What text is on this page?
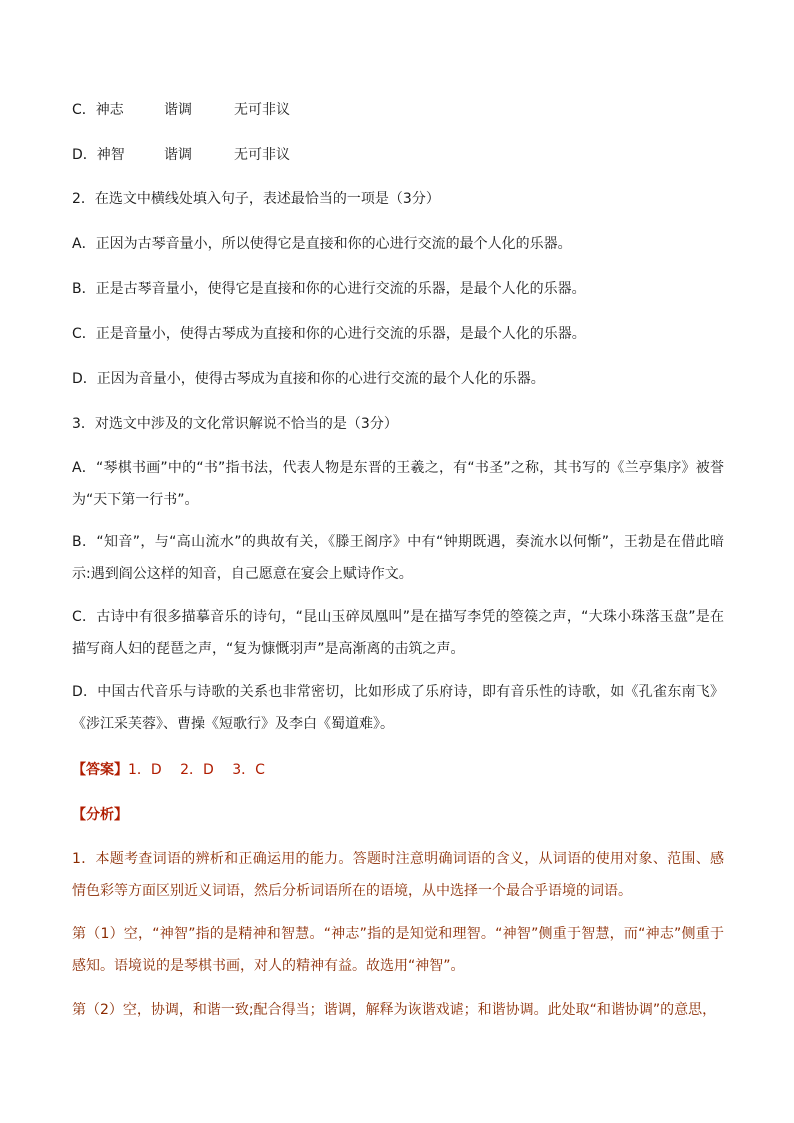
C．神志	谐调	无可非议
D．神智	谐调	无可非议
2．在选文中横线处填入句子，表述最恰当的一项是（3分）
A．正因为古琴音量小，所以使得它是直接和你的心进行交流的最个人化的乐器。
B．正是古琴音量小，使得它是直接和你的心进行交流的乐器，是最个人化的乐器。
C．正是音量小，使得古琴成为直接和你的心进行交流的乐器，是最个人化的乐器。
D．正因为音量小，使得古琴成为直接和你的心进行交流的最个人化的乐器。
3．对选文中涉及的文化常识解说不恰当的是（3分）
A．“琴棋书画”中的“书”指书法，代表人物是东晋的王羲之，有“书圣”之称，其书写的《兰亭集序》被誉为“天下第一行书”。
B．“知音”，与“高山流水”的典故有关，《滕王阁序》中有“钟期既遇，奏流水以何惭”，王勃是在借此暗示:遇到阎公这样的知音，自己愿意在宴会上赋诗作文。
C．古诗中有很多描摹音乐的诗句，“昆山玉碎凤凰叫”是在描写李凭的箜篌之声，“大珠小珠落玉盘”是在描写商人妇的琵琶之声，“复为慷慨羽声”是高渐离的击筑之声。
D．中国古代音乐与诗歌的关系也非常密切，比如形成了乐府诗，即有音乐性的诗歌，如《孔雀东南飞》《涉江采芙蓉》、曹操《短歌行》及李白《蜀道难》。
【答案】1．D　 2．D　 3．C
【分析】
1．本题考查词语的辨析和正确运用的能力。答题时注意明确词语的含义，从词语的使用对象、范围、感情色彩等方面区别近义词语，然后分析词语所在的语境，从中选择一个最合乎语境的词语。
第（1）空，“神智”指的是精神和智慧。“神志”指的是知觉和理智。“神智”侧重于智慧，而“神志”侧重于感知。语境说的是琴棋书画，对人的精神有益。故选用“神智”。
第（2）空，协调，和谐一致;配合得当；谐调，解释为诙谐戏谑；和谐协调。此处取“和谐协调”的意思，
